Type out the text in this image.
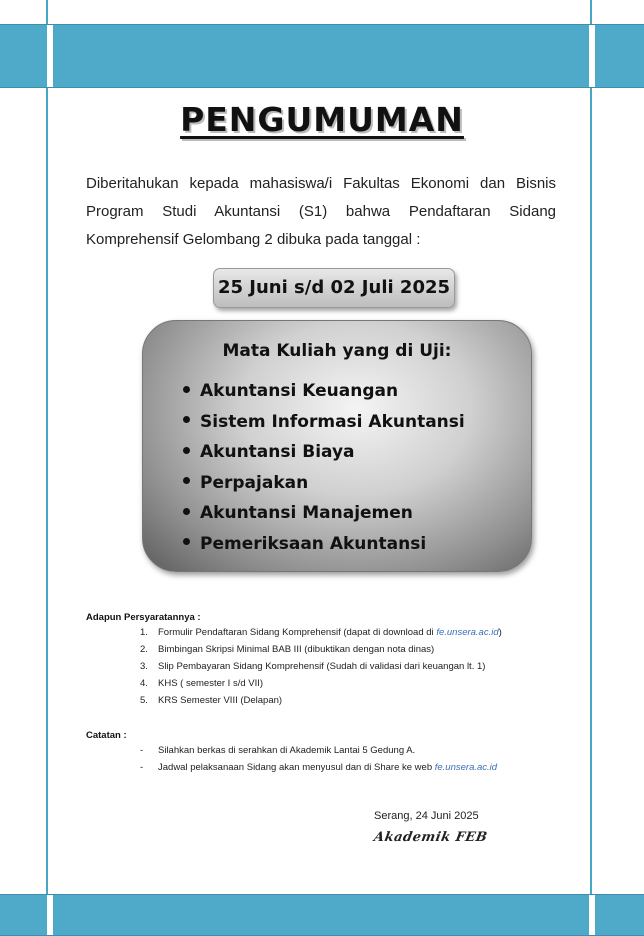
PENGUMUMAN
Diberitahukan kepada mahasiswa/i Fakultas Ekonomi dan Bisnis Program Studi Akuntansi (S1) bahwa Pendaftaran Sidang Komprehensif Gelombang 2 dibuka pada tanggal :
25 Juni s/d 02 Juli 2025
Mata Kuliah yang di Uji:
Akuntansi Keuangan
Sistem Informasi Akuntansi
Akuntansi Biaya
Perpajakan
Akuntansi Manajemen
Pemeriksaan Akuntansi
Adapun Persyaratannya :
1. Formulir Pendaftaran Sidang Komprehensif (dapat di download di fe.unsera.ac.id)
2. Bimbingan Skripsi Minimal BAB III (dibuktikan dengan nota dinas)
3. Slip Pembayaran Sidang Komprehensif (Sudah di validasi dari keuangan lt. 1)
4. KHS ( semester I s/d VII)
5. KRS Semester VIII (Delapan)
Catatan :
- Silahkan berkas di serahkan di Akademik Lantai 5 Gedung A.
- Jadwal pelaksanaan Sidang akan menyusul dan di Share ke web fe.unsera.ac.id
Serang, 24 Juni 2025
Akademik FEB
